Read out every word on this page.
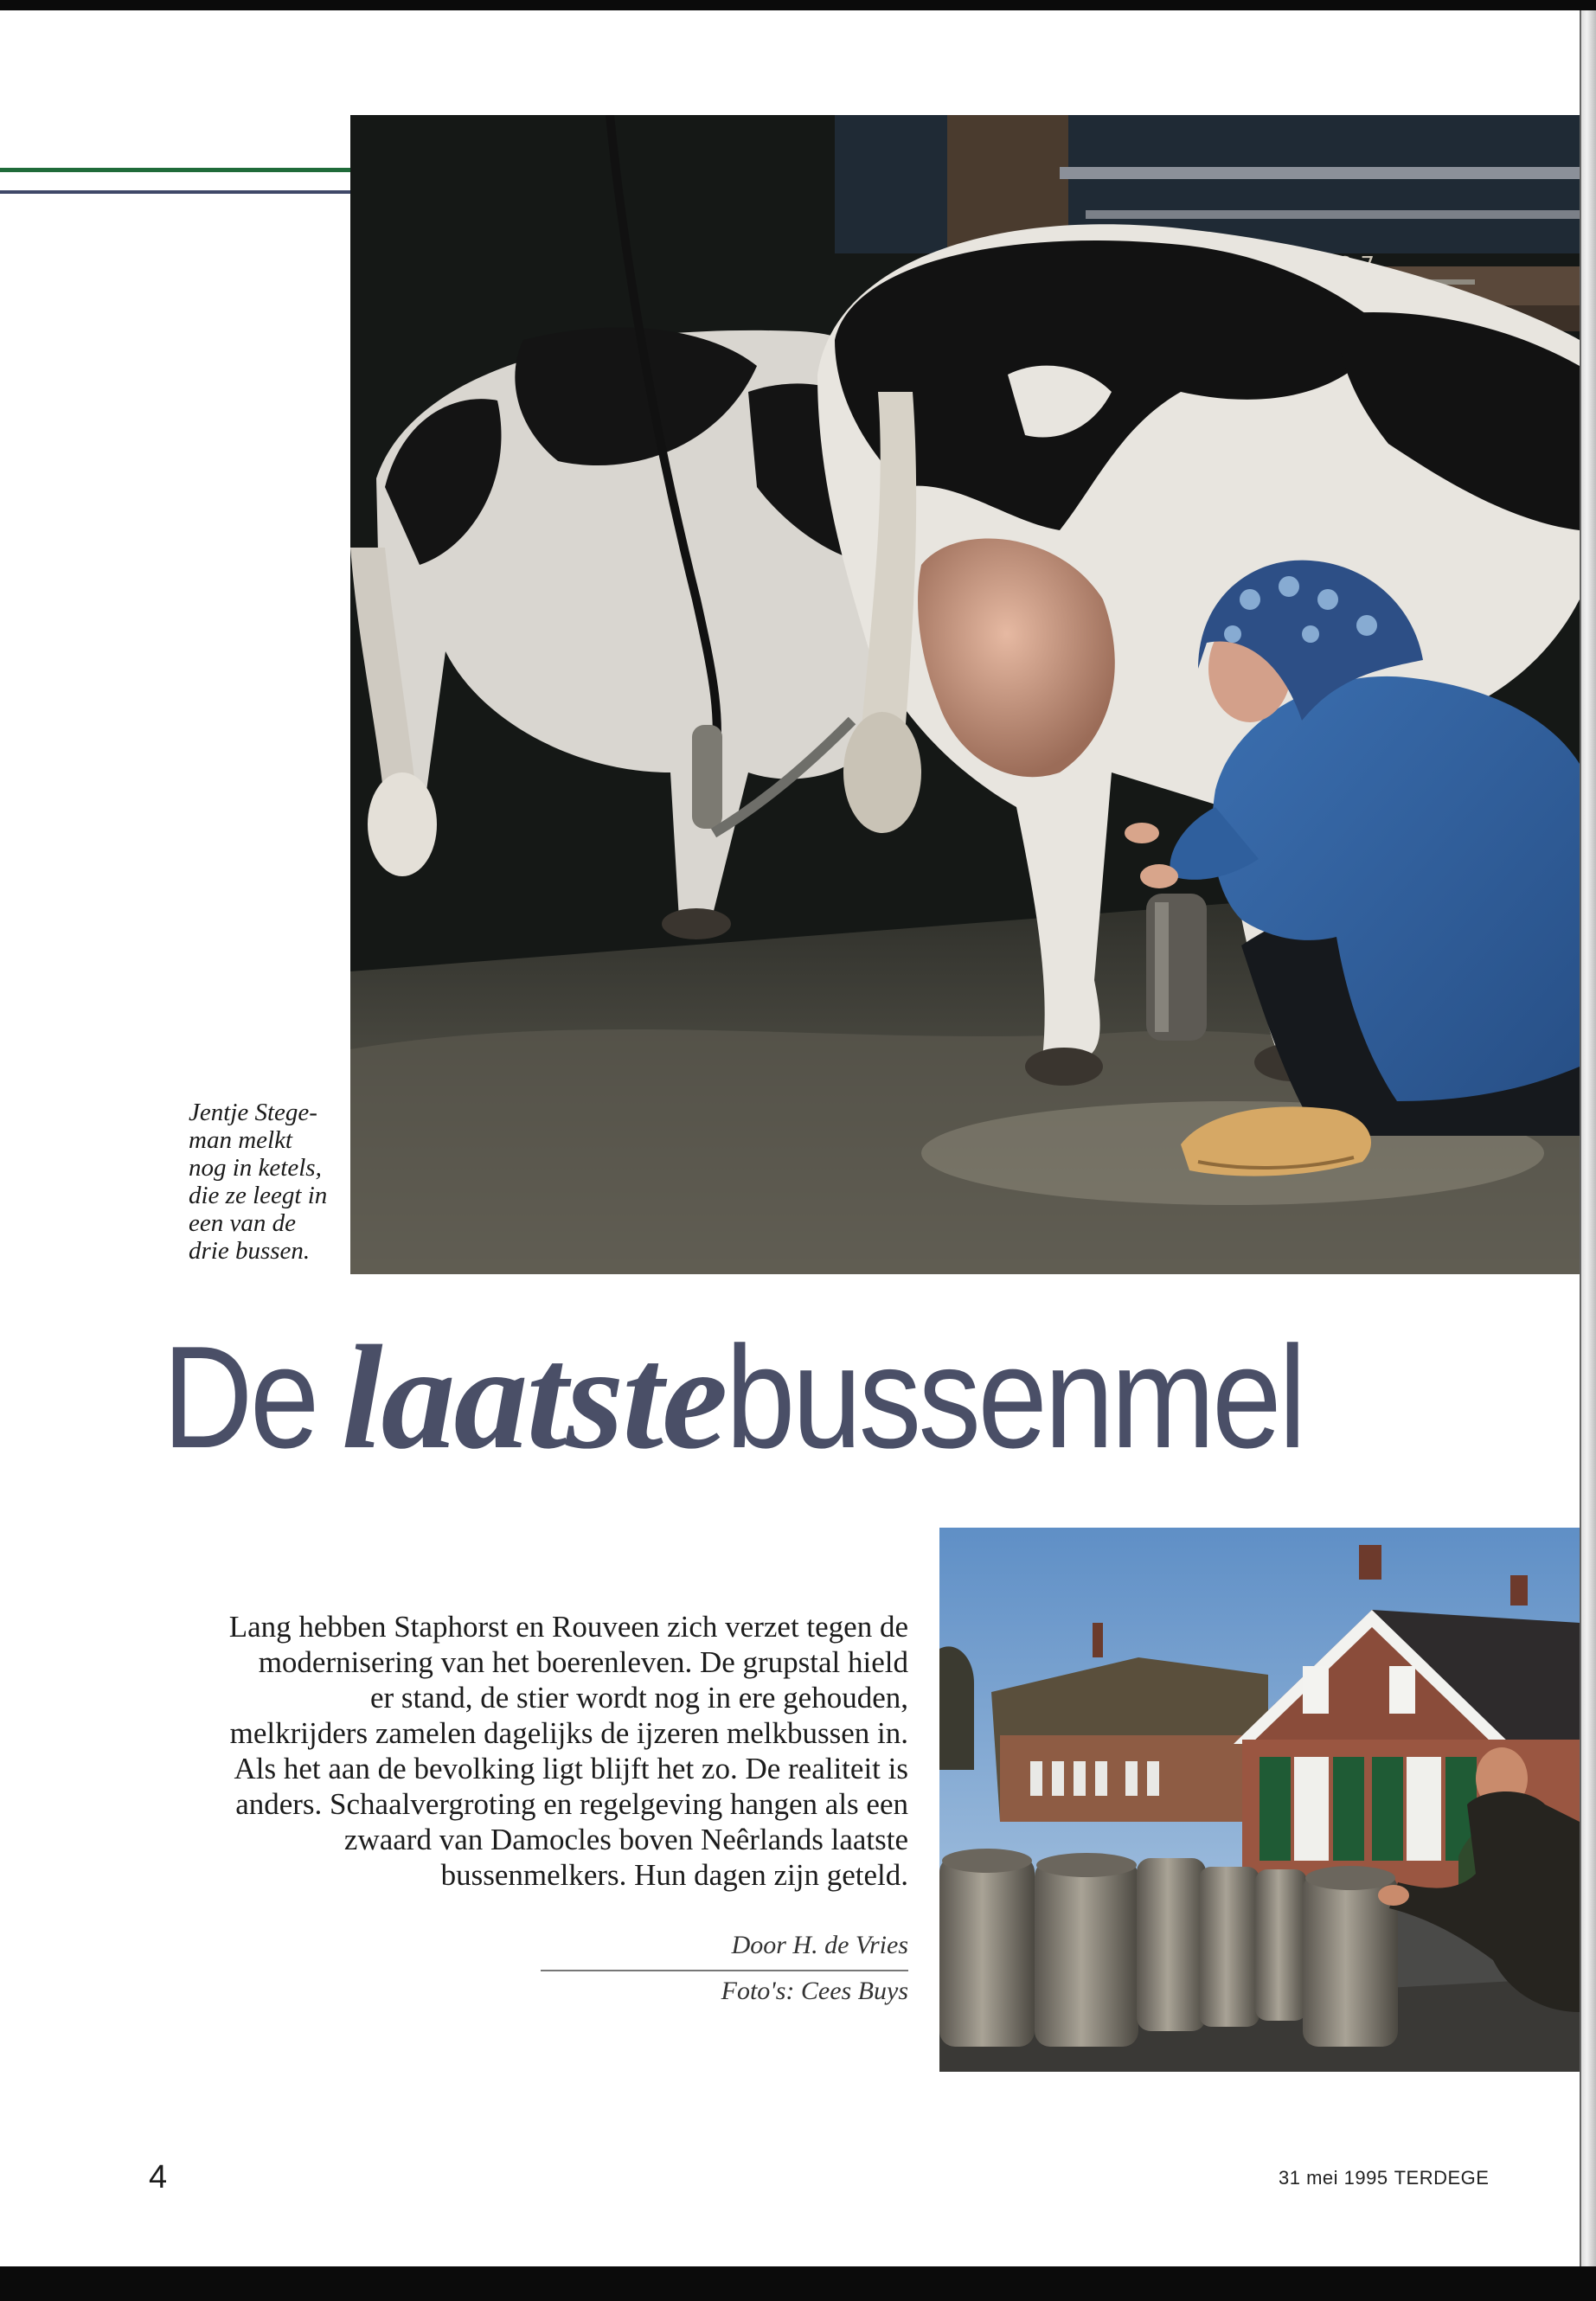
Jentje Stege-
man melkt
nog in ketels,
die ze leegt in
een van de
drie bussen.
De laatstebussenmel
Lang hebben Staphorst en Rouveen zich verzet tegen de
modernisering van het boerenleven. De grupstal hield
er stand, de stier wordt nog in ere gehouden,
melkrijders zamelen dagelijks de ijzeren melkbussen in.
Als het aan de bevolking ligt blijft het zo. De realiteit is
anders. Schaalvergroting en regelgeving hangen als een
zwaard van Damocles boven Neêrlands laatste
bussenmelkers. Hun dagen zijn geteld.
Door H. de Vries
Foto's: Cees Buys
4	31 mei 1995 TERDEGE
